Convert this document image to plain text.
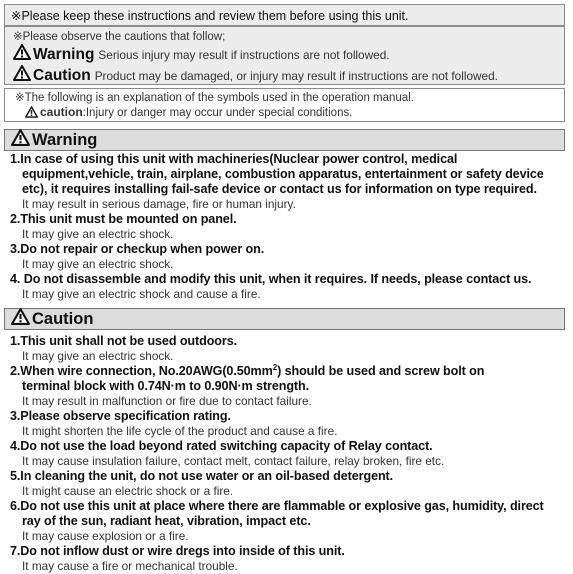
※Please keep these instructions and review them before using this unit.
※Please observe the cautions that follow;
Warning Serious injury may result if instructions are not followed.
Caution Product may be damaged, or injury may result if instructions are not followed.
※The following is an explanation of the symbols used in the operation manual.
caution:Injury or danger may occur under special conditions.
Warning
1.In case of using this unit with machineries(Nuclear power control, medical
equipment,vehicle, train, airplane, combustion apparatus, entertainment or safety device
etc), it requires installing fail-safe device or contact us for information on type required.
It may result in serious damage, fire or human injury.
2.This unit must be mounted on panel.
It may give an electric shock.
3.Do not repair or checkup when power on.
It may give an electric shock.
4. Do not disassemble and modify this unit, when it requires. If needs, please contact us.
It may give an electric shock and cause a fire.
Caution
1.This unit shall not be used outdoors.
It may give an electric shock.
2.When wire connection, $No.20AWG(0.50mm^2)$ should be used and screw bolt on
terminal block with 0.74N·m to 0.90N·m strength.
It may result in malfunction or fire due to contact failure.
3.Please observe specification rating.
It might shorten the life cycle of the product and cause a fire.
4.Do not use the load beyond rated switching capacity of Relay contact.
It may cause insulation failure, contact melt, contact failure, relay broken, fire etc.
5.In cleaning the unit, do not use water or an oil-based detergent.
It might cause an electric shock or a fire.
6.Do not use this unit at place where there are flammable or explosive gas, humidity, direct
ray of the sun, radiant heat, vibration, impact etc.
It may cause explosion or a fire.
7.Do not inflow dust or wire dregs into inside of this unit.
It may cause a fire or mechanical trouble.
